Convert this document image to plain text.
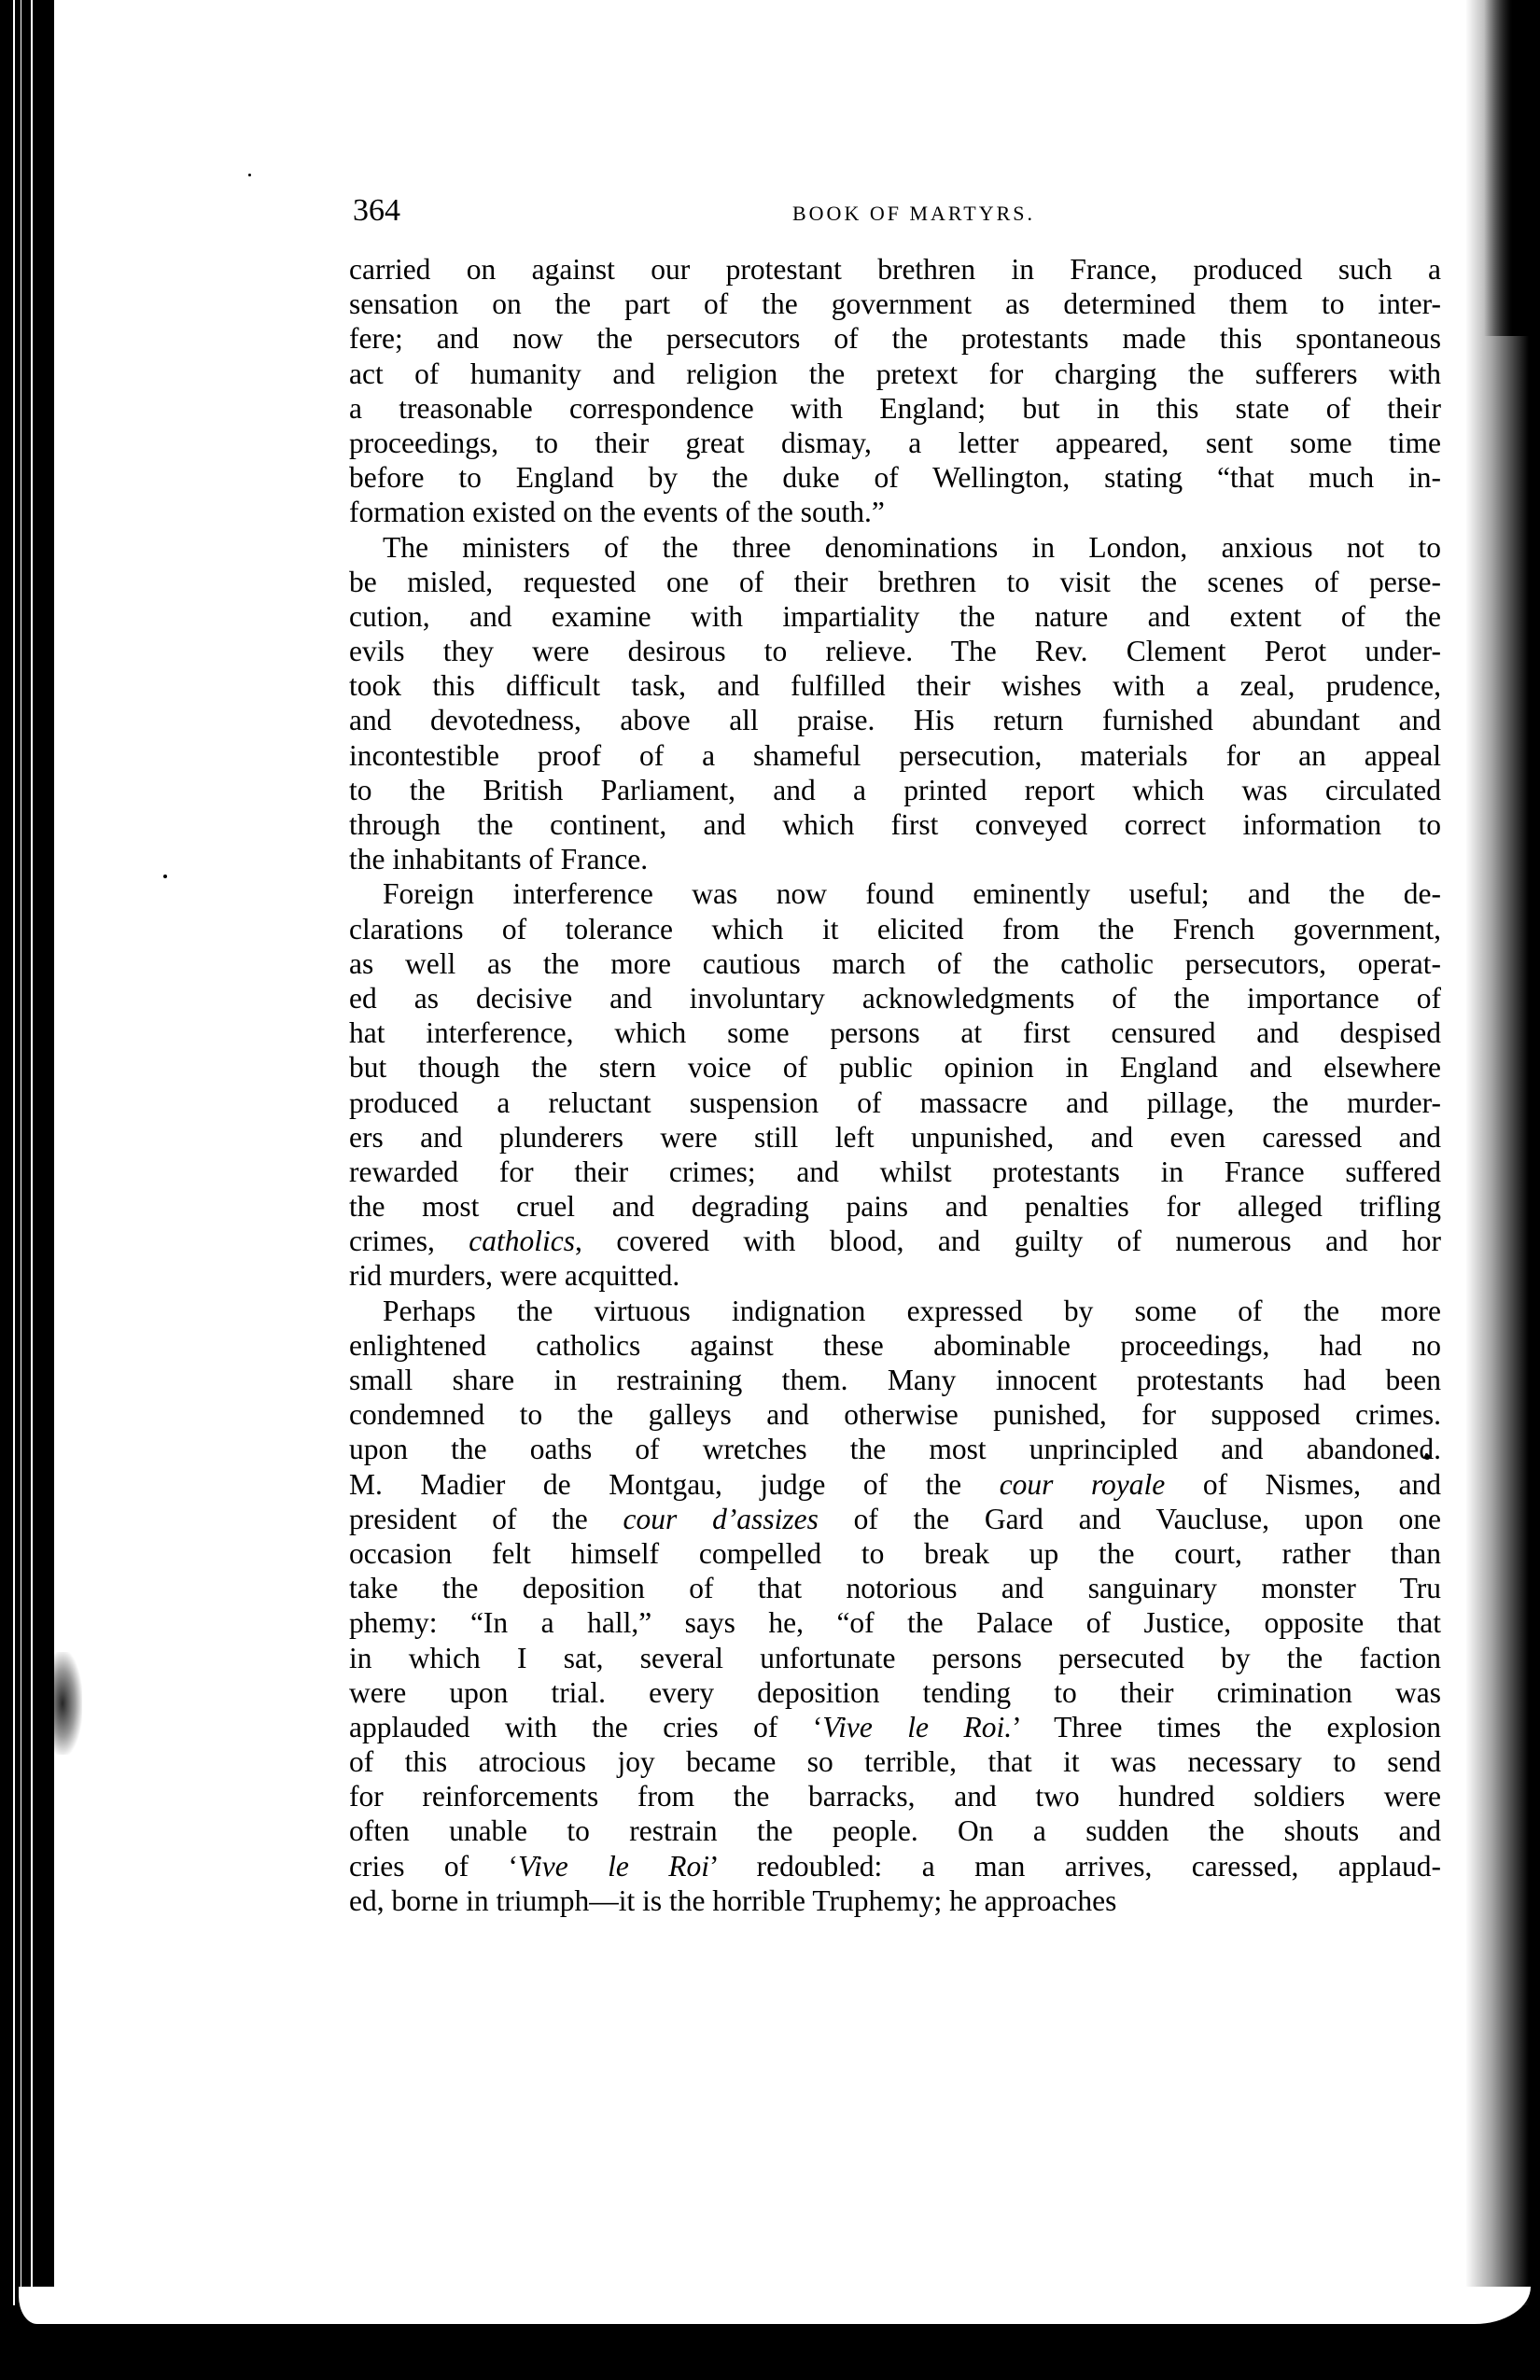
364	BOOK OF MARTYRS.
carried on against our protestant brethren in France, produced such a
sensation on the part of the government as determined them to inter-
fere; and now the persecutors of the protestants made this spontaneous
act of humanity and religion the pretext for charging the sufferers with
a treasonable correspondence with England; but in this state of their
proceedings, to their great dismay, a letter appeared, sent some time
before to England by the duke of Wellington, stating “that much in-
formation existed on the events of the south.”
The ministers of the three denominations in London, anxious not to
be misled, requested one of their brethren to visit the scenes of perse-
cution, and examine with impartiality the nature and extent of the
evils they were desirous to relieve. The Rev. Clement Perot under-
took this difficult task, and fulfilled their wishes with a zeal, prudence,
and devotedness, above all praise. His return furnished abundant and
incontestible proof of a shameful persecution, materials for an appeal
to the British Parliament, and a printed report which was circulated
through the continent, and which first conveyed correct information to
the inhabitants of France.
Foreign interference was now found eminently useful; and the de-
clarations of tolerance which it elicited from the French government,
as well as the more cautious march of the catholic persecutors, operat-
ed as decisive and involuntary acknowledgments of the importance of
hat interference, which some persons at first censured and despised
but though the stern voice of public opinion in England and elsewhere
produced a reluctant suspension of massacre and pillage, the murder-
ers and plunderers were still left unpunished, and even caressed and
rewarded for their crimes; and whilst protestants in France suffered
the most cruel and degrading pains and penalties for alleged trifling
crimes, catholics, covered with blood, and guilty of numerous and hor
rid murders, were acquitted.
Perhaps the virtuous indignation expressed by some of the more
enlightened catholics against these abominable proceedings, had no
small share in restraining them. Many innocent protestants had been
condemned to the galleys and otherwise punished, for supposed crimes.
upon the oaths of wretches the most unprincipled and abandoned.
M. Madier de Montgau, judge of the cour royale of Nismes, and
president of the cour d’assizes of the Gard and Vaucluse, upon one
occasion felt himself compelled to break up the court, rather than
take the deposition of that notorious and sanguinary monster Tru
phemy: “In a hall,” says he, “of the Palace of Justice, opposite that
in which I sat, several unfortunate persons persecuted by the faction
were upon trial. every deposition tending to their crimination was
applauded with the cries of ‘Vive le Roi.’ Three times the explosion
of this atrocious joy became so terrible, that it was necessary to send
for reinforcements from the barracks, and two hundred soldiers were
often unable to restrain the people. On a sudden the shouts and
cries of ‘Vive le Roi’ redoubled: a man arrives, caressed, applaud-
ed, borne in triumph—it is the horrible Truphemy; he approaches
